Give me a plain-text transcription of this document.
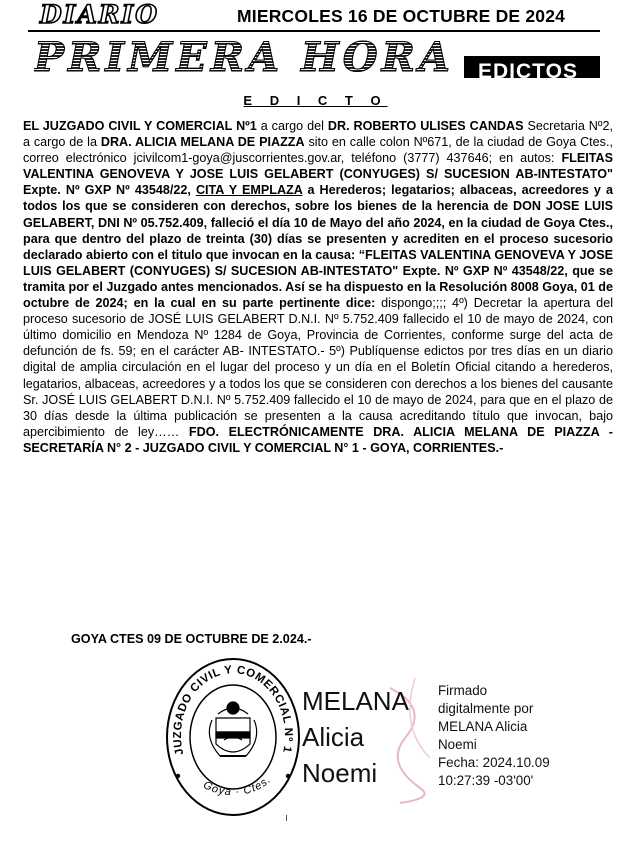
DIARIO	MIERCOLES 16 DE OCTUBRE DE 2024
PRIMERA HORA EDICTOS
E D I C T O

EL JUZGADO CIVIL Y COMERCIAL Nº1 a cargo del DR. ROBERTO ULISES CANDAS Secretaria Nº2, a cargo de la DRA. ALICIA MELANA DE PIAZZA sito en calle colon Nº671, de la ciudad de Goya Ctes., correo electrónico jcivilcom1-goya@juscorrientes.gov.ar, teléfono (3777) 437646; en autos: FLEITAS VALENTINA GENOVEVA Y JOSE LUIS GELABERT (CONYUGES) S/ SUCESION AB-INTESTATO" Expte. Nº GXP Nº 43548/22, CITA Y EMPLAZA a Herederos; legatarios; albaceas, acreedores y a todos los que se consideren con derechos, sobre los bienes de la herencia de DON JOSE LUIS GELABERT, DNI Nº 05.752.409, falleció el día 10 de Mayo del año 2024, en la ciudad de Goya Ctes., para que dentro del plazo de treinta (30) días se presenten y acrediten en el proceso sucesorio declarado abierto con el titulo que invocan en la causa: “FLEITAS VALENTINA GENOVEVA Y JOSE LUIS GELABERT (CONYUGES) S/ SUCESION AB-INTESTATO" Expte. Nº GXP Nº 43548/22, que se tramita por el Juzgado antes mencionados. Así se ha dispuesto en la Resolución 8008 Goya, 01 de octubre de 2024; en la cual en su parte pertinente dice: dispongo;;;; 4º) Decretar la apertura del proceso sucesorio de JOSÉ LUIS GELABERT D.N.I. Nº 5.752.409 fallecido el 10 de mayo de 2024, con último domicilio en Mendoza Nº 1284 de Goya, Provincia de Corrientes, conforme surge del acta de defunción de fs. 59; en el carácter AB- INTESTATO.- 5º) Publíquense edictos por tres días en un diario digital de amplia circulación en el lugar del proceso y un día en el Boletín Oficial citando a herederos, legatarios, albaceas, acreedores y a todos los que se consideren con derechos a los bienes del causante Sr. JOSÉ LUIS GELABERT D.N.I. Nº 5.752.409 fallecido el 10 de mayo de 2024, para que en el plazo de 30 días desde la última publicación se presenten a la causa acreditando título que invocan, bajo apercibimiento de ley…… FDO. ELECTRÓNICAMENTE DRA. ALICIA MELANA DE PIAZZA - SECRETARÍA N° 2 - JUZGADO CIVIL Y COMERCIAL N° 1 - GOYA, CORRIENTES.-

GOYA CTES 09 DE OCTUBRE DE 2.024.-
JUZGADO CIVIL Y COMERCIAL Nº 1
Goya · Ctes.
MELANA
Alicia
Noemi
Firmado
digitalmente por
MELANA Alicia
Noemi
Fecha: 2024.10.09
10:27:39 -03'00'
